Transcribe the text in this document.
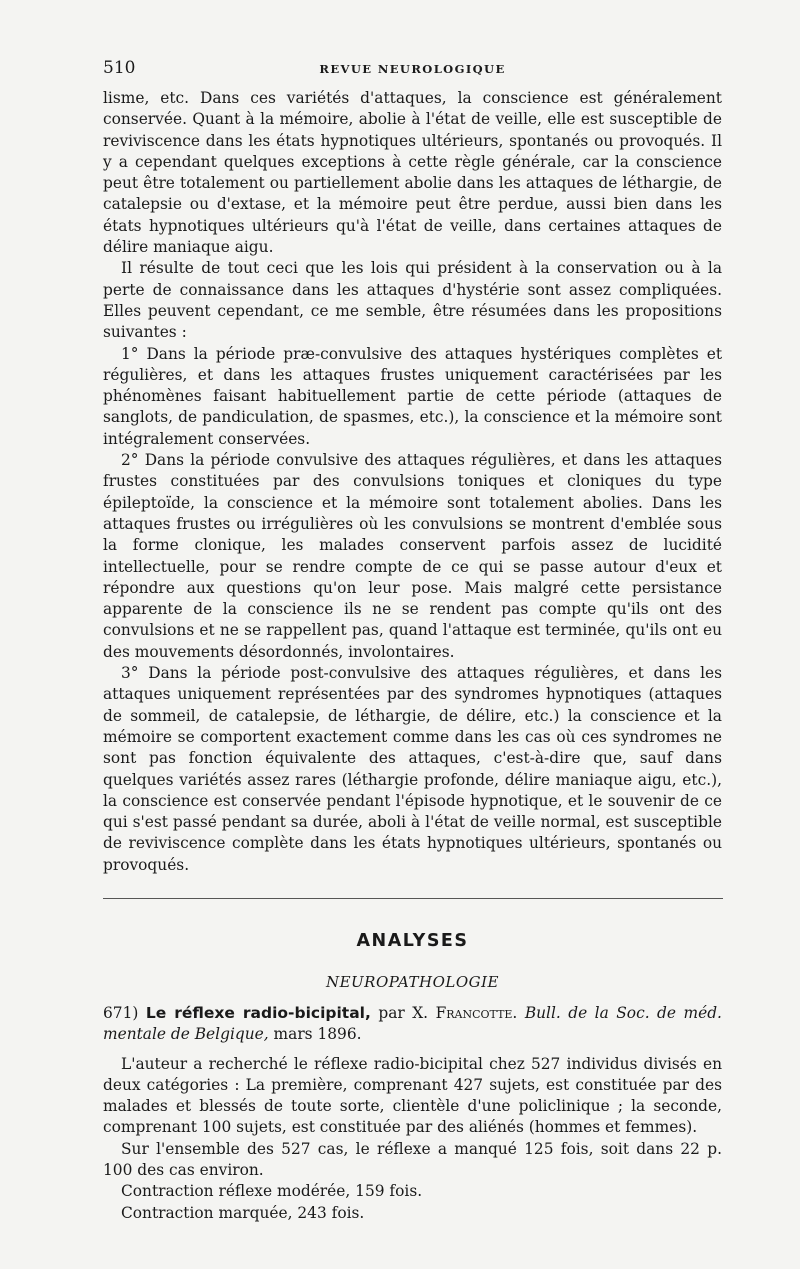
510	REVUE NEUROLOGIQUE

lisme, etc. Dans ces variétés d'attaques, la conscience est généralement conservée. Quant à la mémoire, abolie à l'état de veille, elle est susceptible de reviviscence dans les états hypnotiques ultérieurs, spontanés ou provoqués. Il y a cependant quelques exceptions à cette règle générale, car la conscience peut être totalement ou partiellement abolie dans les attaques de léthargie, de catalepsie ou d'extase, et la mémoire peut être perdue, aussi bien dans les états hypnotiques ultérieurs qu'à l'état de veille, dans certaines attaques de délire maniaque aigu.

Il résulte de tout ceci que les lois qui président à la conservation ou à la perte de connaissance dans les attaques d'hystérie sont assez compliquées. Elles peuvent cependant, ce me semble, être résumées dans les propositions suivantes :

1° Dans la période præ-convulsive des attaques hystériques complètes et régulières, et dans les attaques frustes uniquement caractérisées par les phénomènes faisant habituellement partie de cette période (attaques de sanglots, de pandiculation, de spasmes, etc.), la conscience et la mémoire sont intégralement conservées.

2° Dans la période convulsive des attaques régulières, et dans les attaques frustes constituées par des convulsions toniques et cloniques du type épileptoïde, la conscience et la mémoire sont totalement abolies. Dans les attaques frustes ou irrégulières où les convulsions se montrent d'emblée sous la forme clonique, les malades conservent parfois assez de lucidité intellectuelle, pour se rendre compte de ce qui se passe autour d'eux et répondre aux questions qu'on leur pose. Mais malgré cette persistance apparente de la conscience ils ne se rendent pas compte qu'ils ont des convulsions et ne se rappellent pas, quand l'attaque est terminée, qu'ils ont eu des mouvements désordonnés, involontaires.

3° Dans la période post-convulsive des attaques régulières, et dans les attaques uniquement représentées par des syndromes hypnotiques (attaques de sommeil, de catalepsie, de léthargie, de délire, etc.) la conscience et la mémoire se comportent exactement comme dans les cas où ces syndromes ne sont pas fonction équivalente des attaques, c'est-à-dire que, sauf dans quelques variétés assez rares (léthargie profonde, délire maniaque aigu, etc.), la conscience est conservée pendant l'épisode hypnotique, et le souvenir de ce qui s'est passé pendant sa durée, aboli à l'état de veille normal, est susceptible de reviviscence complète dans les états hypnotiques ultérieurs, spontanés ou provoqués.

ANALYSES
NEUROPATHOLOGIE
671) Le réflexe radio-bicipital, par X. Francotte. Bull. de la Soc. de méd. mentale de Belgique, mars 1896.

L'auteur a recherché le réflexe radio-bicipital chez 527 individus divisés en deux catégories : La première, comprenant 427 sujets, est constituée par des malades et blessés de toute sorte, clientèle d'une policlinique ; la seconde, comprenant 100 sujets, est constituée par des aliénés (hommes et femmes).

Sur l'ensemble des 527 cas, le réflexe a manqué 125 fois, soit dans 22 p. 100 des cas environ.

Contraction réflexe modérée, 159 fois.

Contraction marquée, 243 fois.
